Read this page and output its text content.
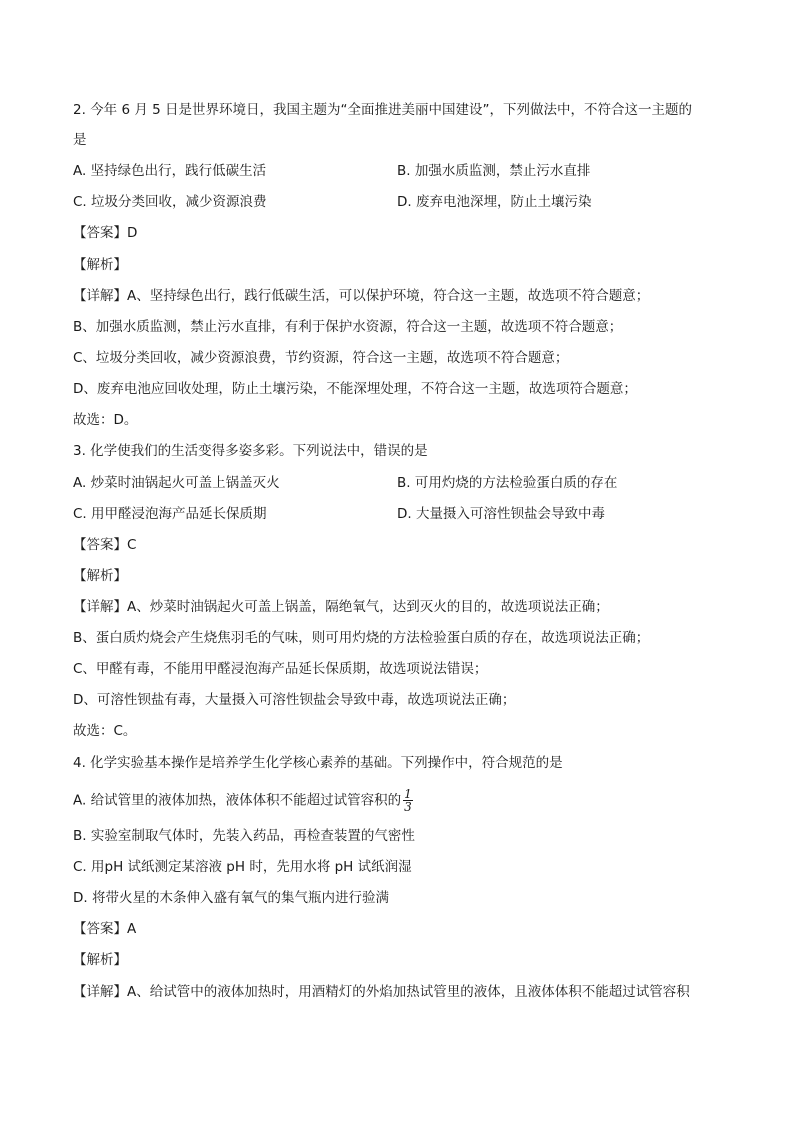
2. 今年 6 月 5 日是世界环境日，我国主题为“全面推进美丽中国建设”，下列做法中，不符合这一主题的
是
A. 坚持绿色出行，践行低碳生活	B. 加强水质监测，禁止污水直排
C. 垃圾分类回收，减少资源浪费	D. 废弃电池深埋，防止土壤污染
【答案】D
【解析】
【详解】A、坚持绿色出行，践行低碳生活，可以保护环境，符合这一主题，故选项不符合题意；
B、加强水质监测，禁止污水直排，有利于保护水资源，符合这一主题，故选项不符合题意；
C、垃圾分类回收，减少资源浪费，节约资源，符合这一主题，故选项不符合题意；
D、废弃电池应回收处理，防止土壤污染，不能深埋处理，不符合这一主题，故选项符合题意；
故选：D。
3. 化学使我们的生活变得多姿多彩。下列说法中，错误的是
A. 炒菜时油锅起火可盖上锅盖灭火	B. 可用灼烧的方法检验蛋白质的存在
C. 用甲醛浸泡海产品延长保质期	D. 大量摄入可溶性钡盐会导致中毒
【答案】C
【解析】
【详解】A、炒菜时油锅起火可盖上锅盖，隔绝氧气，达到灭火的目的，故选项说法正确；
B、蛋白质灼烧会产生烧焦羽毛的气味，则可用灼烧的方法检验蛋白质的存在，故选项说法正确；
C、甲醛有毒，不能用甲醛浸泡海产品延长保质期，故选项说法错误；
D、可溶性钡盐有毒，大量摄入可溶性钡盐会导致中毒，故选项说法正确；
故选：C。
4. 化学实验基本操作是培养学生化学核心素养的基础。下列操作中，符合规范的是
A. 给试管里的液体加热，液体体积不能超过试管容积的 $\frac{1}{3}$
B. 实验室制取气体时，先装入药品，再检查装置的气密性
C. 用pH 试纸测定某溶液 pH 时，先用水将 pH 试纸润湿
D. 将带火星的木条伸入盛有氧气的集气瓶内进行验满
【答案】A
【解析】
【详解】A、给试管中的液体加热时，用酒精灯的外焰加热试管里的液体，且液体体积不能超过试管容积
